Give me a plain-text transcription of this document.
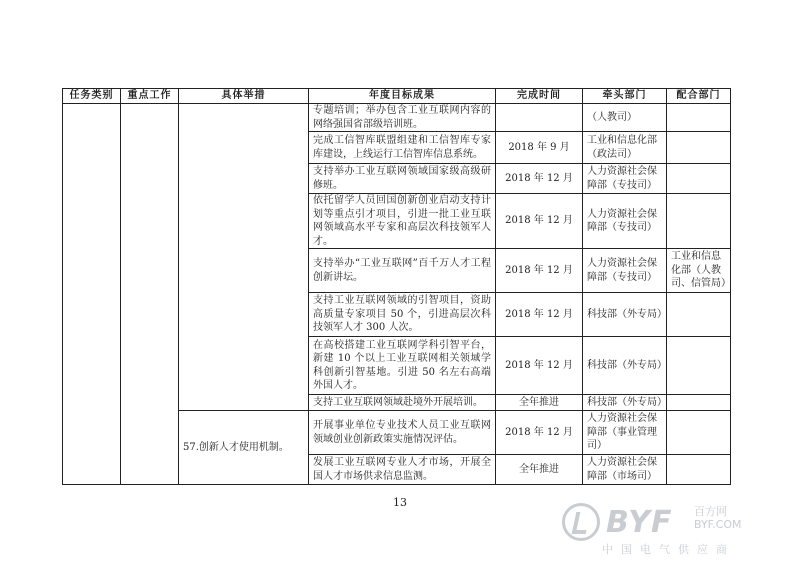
任务类别	重点工作	具体举措	年度目标成果	完成时间	牵头部门	配合部门
			专题培训；举办包含工业互联网内容的网络强国省部级培训班。		（人教司）	
			完成工信智库联盟组建和工信智库专家库建设，上线运行工信智库信息系统。	2018 年 9 月	工业和信息化部（政法司）	
			支持举办工业互联网领域国家级高级研修班。	2018 年 12 月	人力资源社会保障部（专技司）	
			依托留学人员回国创新创业启动支持计划等重点引才项目，引进一批工业互联网领域高水平专家和高层次科技领军人才。	2018 年 12 月	人力资源社会保障部（专技司）	
			支持举办“工业互联网”百千万人才工程创新讲坛。	2018 年 12 月	人力资源社会保障部（专技司）	工业和信息化部（人教司、信管局）
			支持工业互联网领域的引智项目，资助高质量专家项目 50 个，引进高层次科技领军人才 300 人次。	2018 年 12 月	科技部（外专局）	
			在高校搭建工业互联网学科引智平台，新建 10 个以上工业互联网相关领域学科创新引智基地。引进 50 名左右高端外国人才。	2018 年 12 月	科技部（外专局）	
			支持工业互联网领域赴境外开展培训。	全年推进	科技部（外专局）	
		57.创新人才使用机制。	开展事业单位专业技术人员工业互联网领域创业创新政策实施情况评估。	2018 年 12 月	人力资源社会保障部（事业管理司）	
			发展工业互联网专业人才市场，开展全国人才市场供求信息监测。	全年推进	人力资源社会保障部（市场司）	
13
BYF 百方网
BYF.COM
中国电气供应商
